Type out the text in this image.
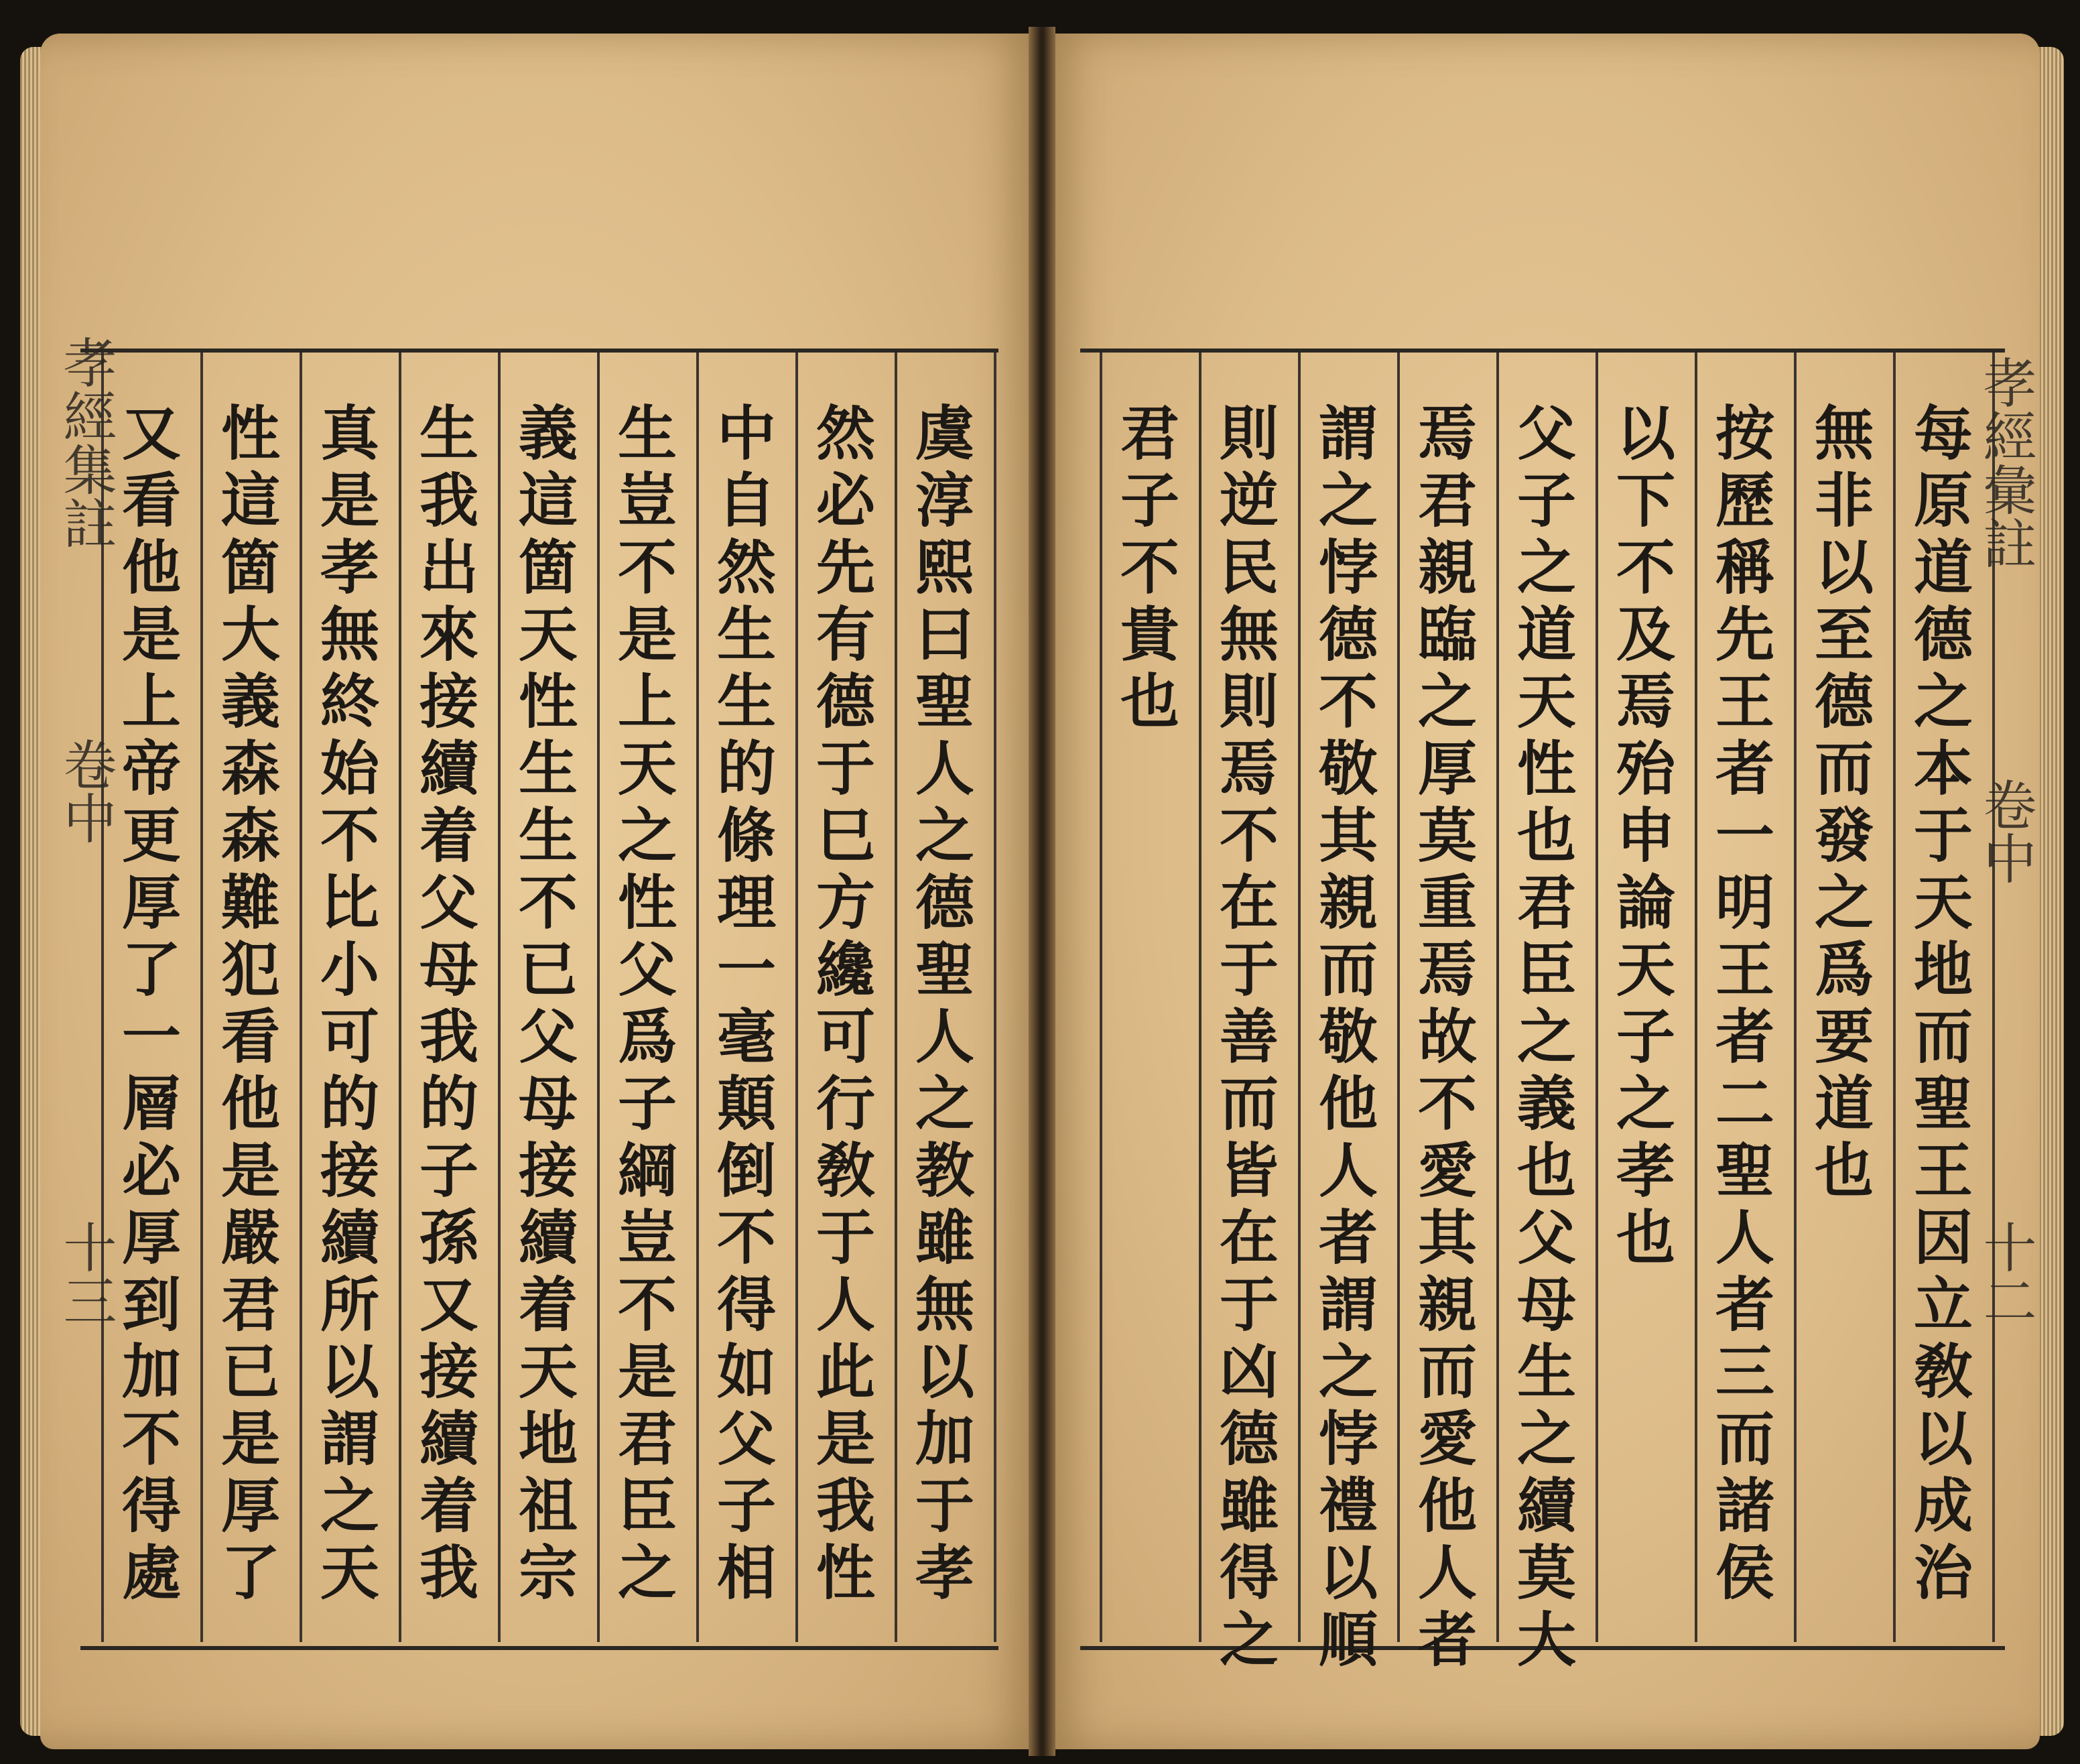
虞淳熙曰聖人之德聖人之教雖無以加于孝
然必先有德于巳方纔可行敎于人此是我性
中自然生生的條理一毫顛倒不得如父子相
生豈不是上天之性父爲子綱豈不是君臣之
義這箇天性生生不已父母接續着天地祖宗
生我出來接續着父母我的子孫又接續着我
真是孝無終始不比小可的接續所以謂之天
性這箇大義森森難犯看他是嚴君已是厚了
又看他是上帝更厚了一層必厚到加不得處
孝經集註
卷中
十三	每原道德之本于天地而聖王因立敎以成治
無非以至德而發之爲要道也
按歷稱先王者一明王者二聖人者三而諸侯
以下不及焉殆申論天子之孝也
父子之道天性也君臣之義也父母生之續莫大
焉君親臨之厚莫重焉故不愛其親而愛他人者
謂之悖德不敬其親而敬他人者謂之悖禮以順
則逆民無則焉不在于善而皆在于凶德雖得之
君子不貴也	孝經彙註
卷中
十二
